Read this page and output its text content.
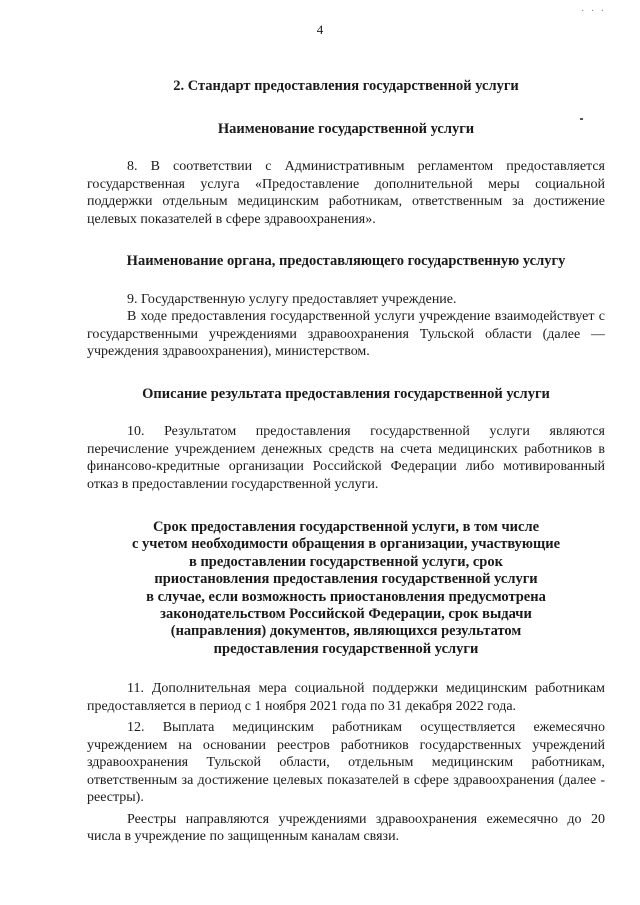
· · ·
4
2. Стандарт предоставления государственной услуги
Наименование государственной услуги

8. В соответствии с Административным регламентом предоставляется государственная услуга «Предоставление дополнительной меры социальной поддержки отдельным медицинским работникам, ответственным за достижение целевых показателей в сфере здравоохранения».

Наименование органа, предоставляющего государственную услугу

9. Государственную услугу предоставляет учреждение.

В ходе предоставления государственной услуги учреждение взаимодействует с государственными учреждениями здравоохранения Тульской области (далее — учреждения здравоохранения), министерством.

Описание результата предоставления государственной услуги

10. Результатом предоставления государственной услуги являются перечисление учреждением денежных средств на счета медицинских работников в финансово-кредитные организации Российской Федерации либо мотивированный отказ в предоставлении государственной услуги.

Срок предоставления государственной услуги, в том числе
с учетом необходимости обращения в организации, участвующие
в предоставлении государственной услуги, срок
приостановления предоставления государственной услуги
в случае, если возможность приостановления предусмотрена
законодательством Российской Федерации, срок выдачи
(направления) документов, являющихся результатом
предоставления государственной услуги

11. Дополнительная мера социальной поддержки медицинским работникам предоставляется в период с 1 ноября 2021 года по 31 декабря 2022 года.

12. Выплата медицинским работникам осуществляется ежемесячно учреждением на основании реестров работников государственных учреждений здравоохранения Тульской области, отдельным медицинским работникам, ответственным за достижение целевых показателей в сфере здравоохранения (далее - реестры).

Реестры направляются учреждениями здравоохранения ежемесячно до 20 числа в учреждение по защищенным каналам связи.
